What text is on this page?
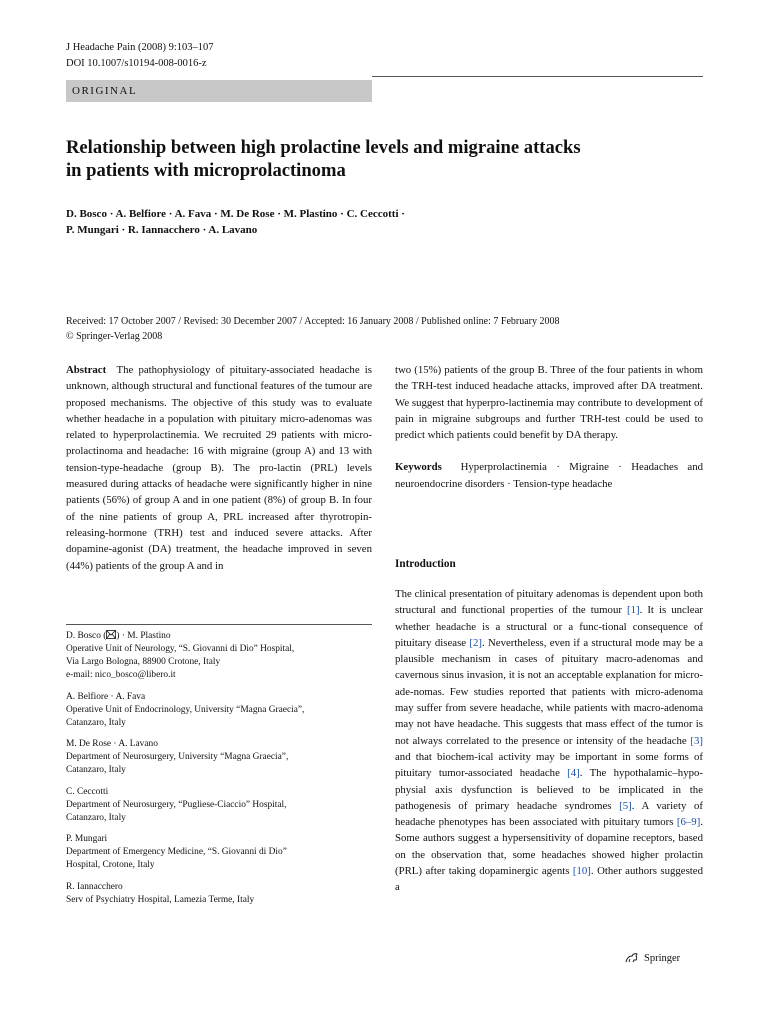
J Headache Pain (2008) 9:103–107
DOI 10.1007/s10194-008-0016-z
ORIGINAL
Relationship between high prolactine levels and migraine attacks
in patients with microprolactinoma
D. Bosco · A. Belfiore · A. Fava · M. De Rose · M. Plastino · C. Ceccotti ·
P. Mungari · R. Iannacchero · A. Lavano
Received: 17 October 2007 / Revised: 30 December 2007 / Accepted: 16 January 2008 / Published online: 7 February 2008
© Springer-Verlag 2008

Abstract The pathophysiology of pituitary-associated headache is unknown, although structural and functional features of the tumour are proposed mechanisms. The objective of this study was to evaluate whether headache in a population with pituitary micro-adenomas was related to hyperprolactinemia. We recruited 29 patients with micro-prolactinoma and headache: 16 with migraine (group A) and 13 with tension-type-headache (group B). The pro-lactin (PRL) levels measured during attacks of headache were significantly higher in nine patients (56%) of group A and in one patient (8%) of group B. In four of the nine patients of group A, PRL increased after thyrotropin-releasing-hormone (TRH) test and induced severe attacks. After dopamine-agonist (DA) treatment, the headache improved in seven (44%) patients of the group A and in

D. Bosco ( ) · M. Plastino
Operative Unit of Neurology, “S. Giovanni di Dio” Hospital,
Via Largo Bologna, 88900 Crotone, Italy
e-mail: nico_bosco@libero.it
A. Belfiore · A. Fava
Operative Unit of Endocrinology, University “Magna Graecia”,
Catanzaro, Italy
M. De Rose · A. Lavano
Department of Neurosurgery, University “Magna Graecia”,
Catanzaro, Italy
C. Ceccotti
Department of Neurosurgery, “Pugliese-Ciaccio” Hospital,
Catanzaro, Italy
P. Mungari
Department of Emergency Medicine, “S. Giovanni di Dio”
Hospital, Crotone, Italy
R. Iannacchero
Serv of Psychiatry Hospital, Lamezia Terme, Italy

two (15%) patients of the group B. Three of the four patients in whom the TRH-test induced headache attacks, improved after DA treatment. We suggest that hyperpro-lactinemia may contribute to development of pain in migraine subgroups and further TRH-test could be used to predict which patients could benefit by DA therapy.

Keywords Hyperprolactinemia · Migraine · Headaches and neuroendocrine disorders · Tension-type headache

Introduction

The clinical presentation of pituitary adenomas is dependent upon both structural and functional properties of the tumour [1]. It is unclear whether headache is a structural or a func-tional consequence of pituitary disease [2]. Nevertheless, even if a structural mode may be a plausible mechanism in cases of pituitary macro-adenomas and cavernous sinus invasion, it is not an acceptable explanation for micro-ade-nomas. Few studies reported that patients with micro-adenoma may suffer from severe headache, while patients with macro-adenoma may not have headache. This suggests that mass effect of the tumor is not always correlated to the presence or intensity of the headache [3] and that biochem-ical activity may be important in some forms of pituitary tumor-associated headache [4]. The hypothalamic–hypo-physial axis dysfunction is believed to be implicated in the pathogenesis of primary headache syndromes [5]. A variety of headache phenotypes has been associated with pituitary tumors [6–9]. Some authors suggest a hypersensitivity of dopamine receptors, based on the observation that, some headaches showed higher prolactin (PRL) after taking dopaminergic agents [10]. Other authors suggested a

Springer
